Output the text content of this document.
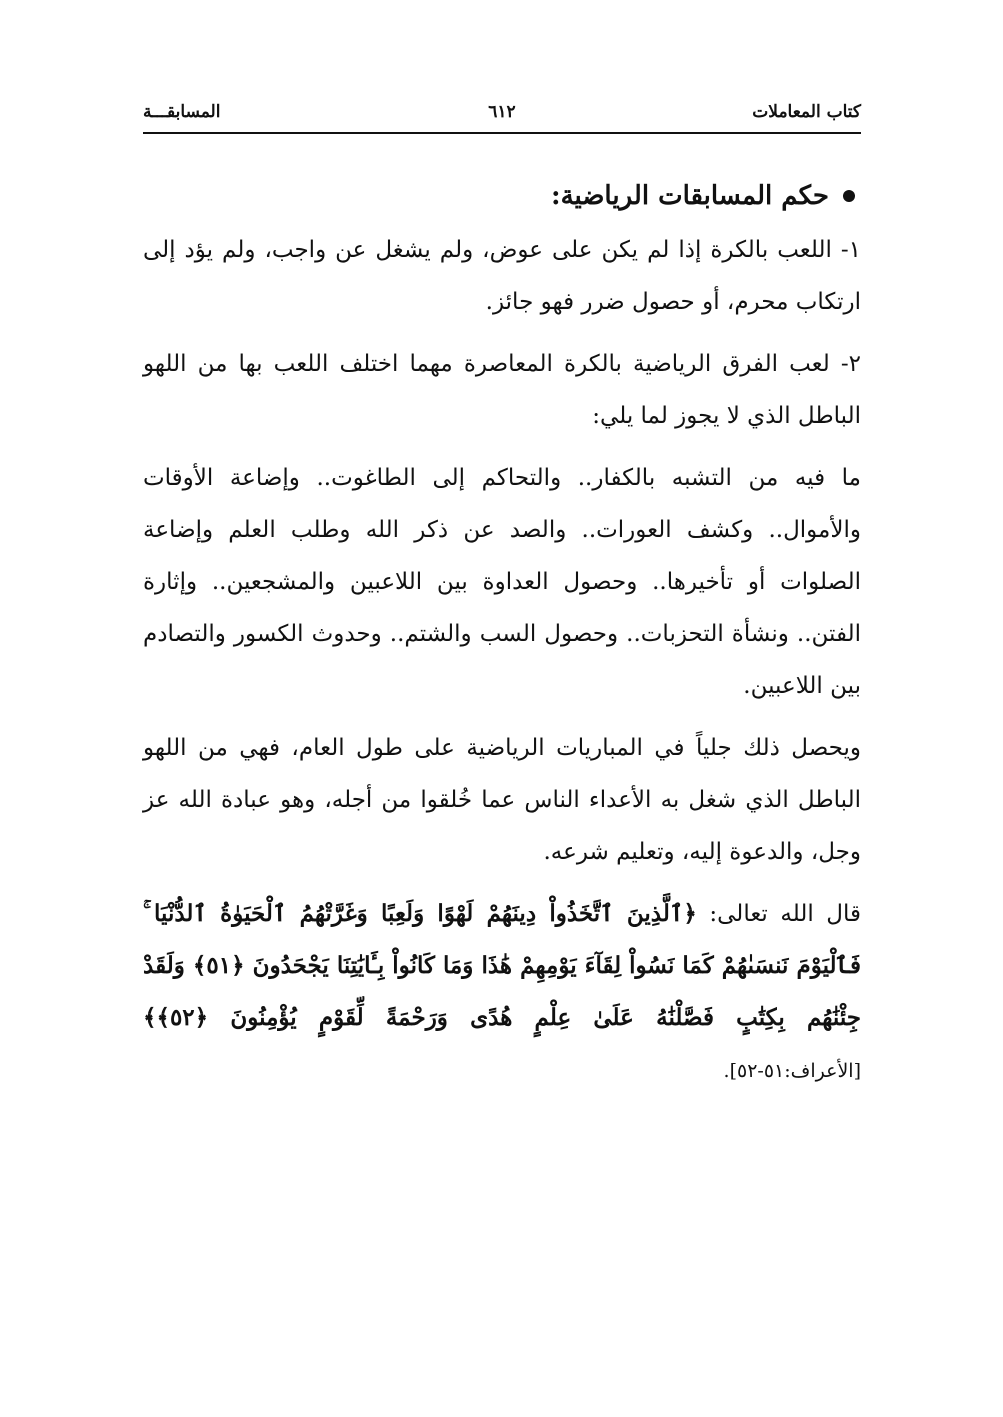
كتاب المعاملات
٦١٢
المسابقـــة
حكم المسابقات الرياضية:

١- اللعب بالكرة إذا لم يكن على عوض، ولم يشغل عن واجب، ولم يؤد إلى ارتكاب محرم، أو حصول ضرر فهو جائز.

٢- لعب الفرق الرياضية بالكرة المعاصرة مهما اختلف اللعب بها من اللهو الباطل الذي لا يجوز لما يلي:

ما فيه من التشبه بالكفار.. والتحاكم إلى الطاغوت.. وإضاعة الأوقات والأموال.. وكشف العورات.. والصد عن ذكر الله وطلب العلم وإضاعة الصلوات أو تأخيرها.. وحصول العداوة بين اللاعبين والمشجعين.. وإثارة الفتن.. ونشأة التحزبات.. وحصول السب والشتم.. وحدوث الكسور والتصادم بين اللاعبين.

ويحصل ذلك جلياً في المباريات الرياضية على طول العام، فهي من اللهو الباطل الذي شغل به الأعداء الناس عما خُلقوا من أجله، وهو عبادة الله عز وجل، والدعوة إليه، وتعليم شرعه.

قال الله تعالى: ﴿ٱلَّذِينَ ٱتَّخَذُواْ دِينَهُمْ لَهْوًا وَلَعِبًا وَغَرَّتْهُمُ ٱلْحَيَوٰةُ ٱلدُّنْيَا ۚ فَٱلْيَوْمَ نَنسَىٰهُمْ كَمَا نَسُواْ لِقَآءَ يَوْمِهِمْ هَٰذَا وَمَا كَانُواْ بِـَٔايَٰتِنَا يَجْحَدُونَ ﴿٥١﴾ وَلَقَدْ جِئْنَٰهُم بِكِتَٰبٍ فَصَّلْنَٰهُ عَلَىٰ عِلْمٍ هُدًى وَرَحْمَةً لِّقَوْمٍ يُؤْمِنُونَ ﴿٥٢﴾﴾ [الأعراف:٥١-٥٢].
